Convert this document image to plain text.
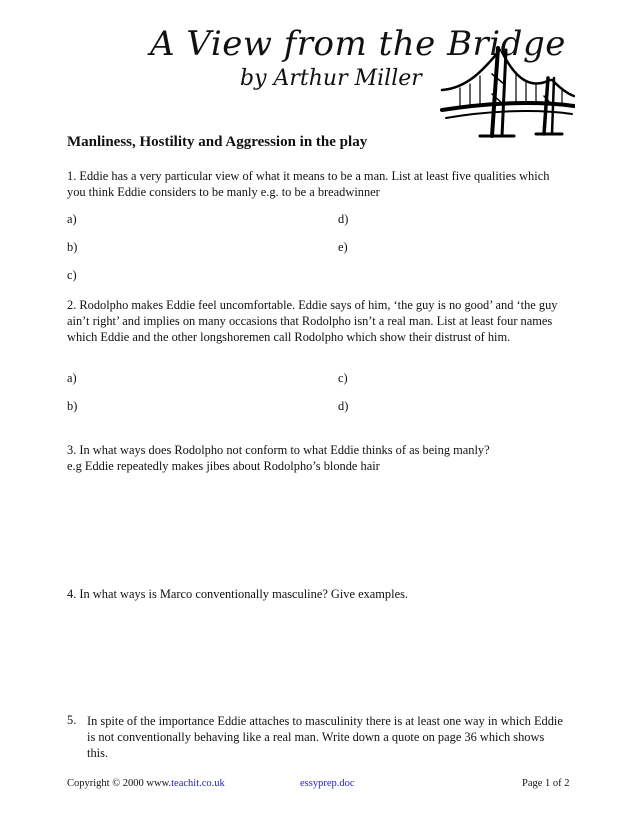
A View from the Bridge
by Arthur Miller
Manliness, Hostility and Aggression in the play
1. Eddie has a very particular view of what it means to be a man. List at least five qualities which
you think Eddie considers to be manly e.g. to be a breadwinner
a)
b)
c)
d)
e)
2. Rodolpho makes Eddie feel uncomfortable. Eddie says of him, ‘the guy is no good’ and ‘the guy
ain’t right’ and implies on many occasions that Rodolpho isn’t a real man. List at least four names
which Eddie and the other longshoremen call Rodolpho which show their distrust of him.
a)
b)
c)
d)
3. In what ways does Rodolpho not conform to what Eddie thinks of as being manly?
e.g Eddie repeatedly makes jibes about Rodolpho’s blonde hair
4. In what ways is Marco conventionally masculine? Give examples.
5. In spite of the importance Eddie attaches to masculinity there is at least one way in which Eddie
is not conventionally behaving like a real man. Write down a quote on page 36 which shows
this.
Copyright © 2000 www.teachit.co.uk	essyprep.doc	Page 1 of 2
